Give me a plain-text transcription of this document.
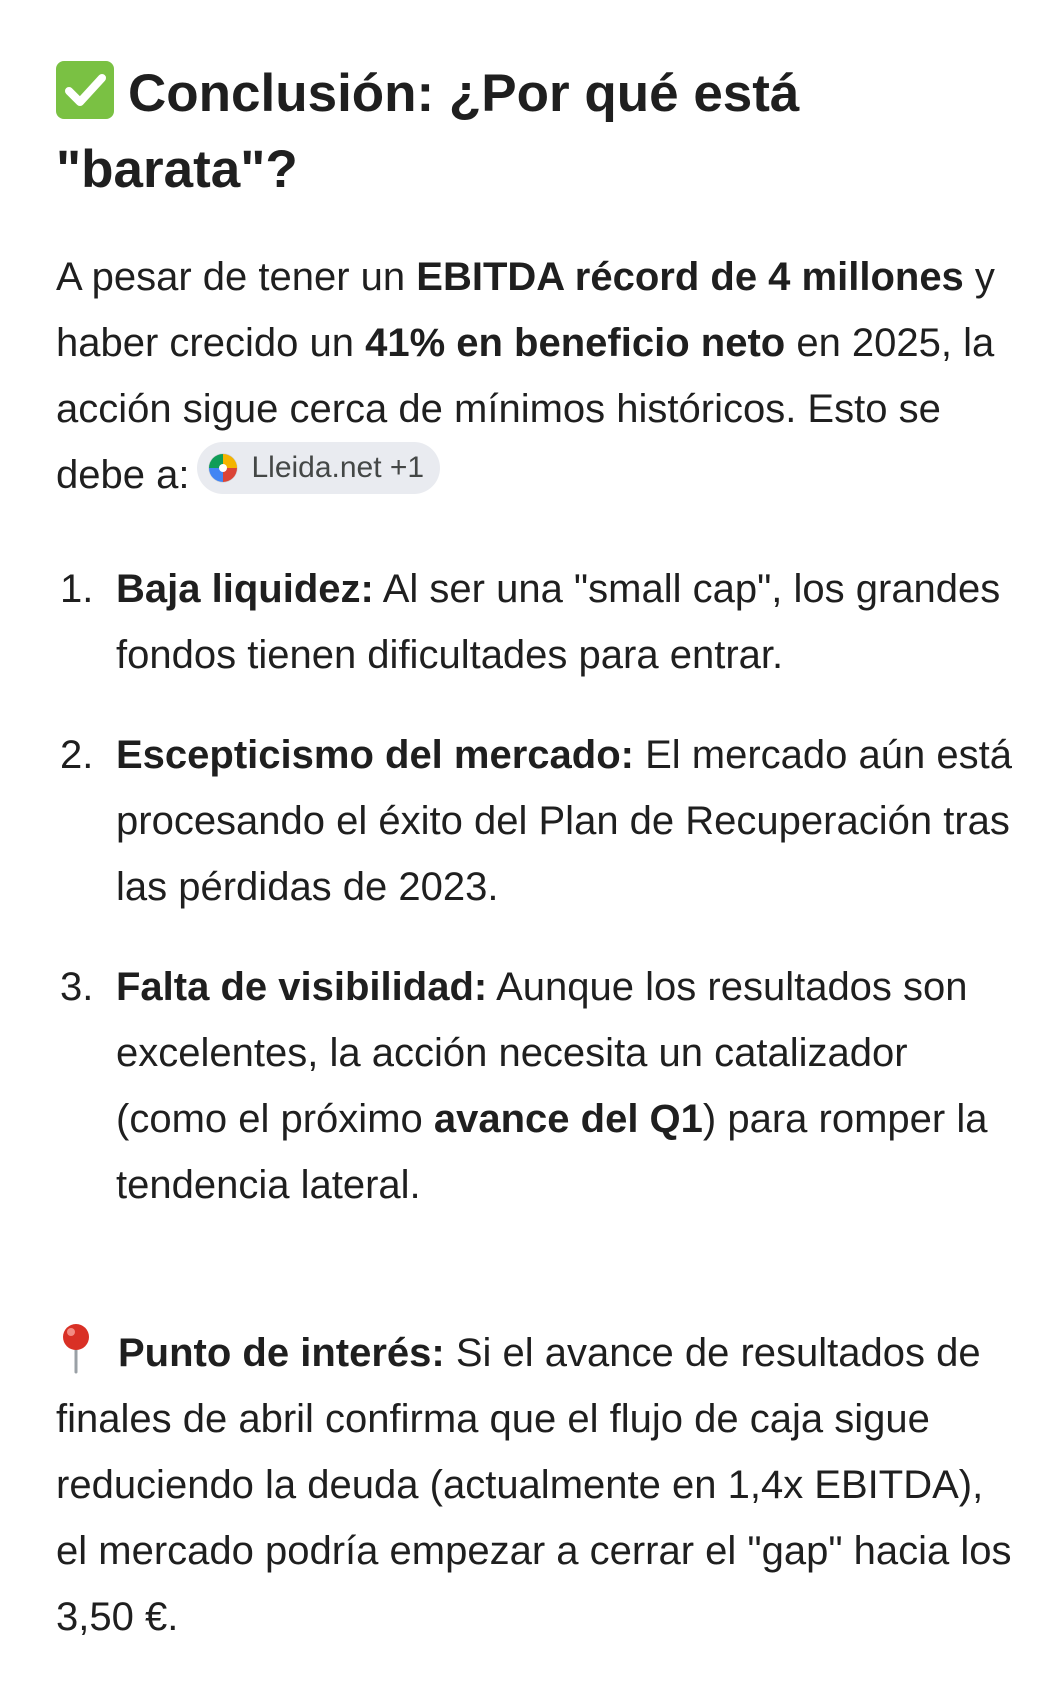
Conclusión: ¿Por qué está "barata"?

A pesar de tener un EBITDA récord de 4 millones y haber crecido un 41% en beneficio neto en 2025, la acción sigue cerca de mínimos históricos. Esto se debe a: Lleida.net +1

1. Baja liquidez: Al ser una "small cap", los grandes fondos tienen dificultades para entrar.
2. Escepticismo del mercado: El mercado aún está procesando el éxito del Plan de Recuperación tras las pérdidas de 2023.
3. Falta de visibilidad: Aunque los resultados son excelentes, la acción necesita un catalizador (como el próximo avance del Q1) para romper la tendencia lateral.

Punto de interés: Si el avance de resultados de finales de abril confirma que el flujo de caja sigue reduciendo la deuda (actualmente en 1,4x EBITDA), el mercado podría empezar a cerrar el "gap" hacia los 3,50 €.
